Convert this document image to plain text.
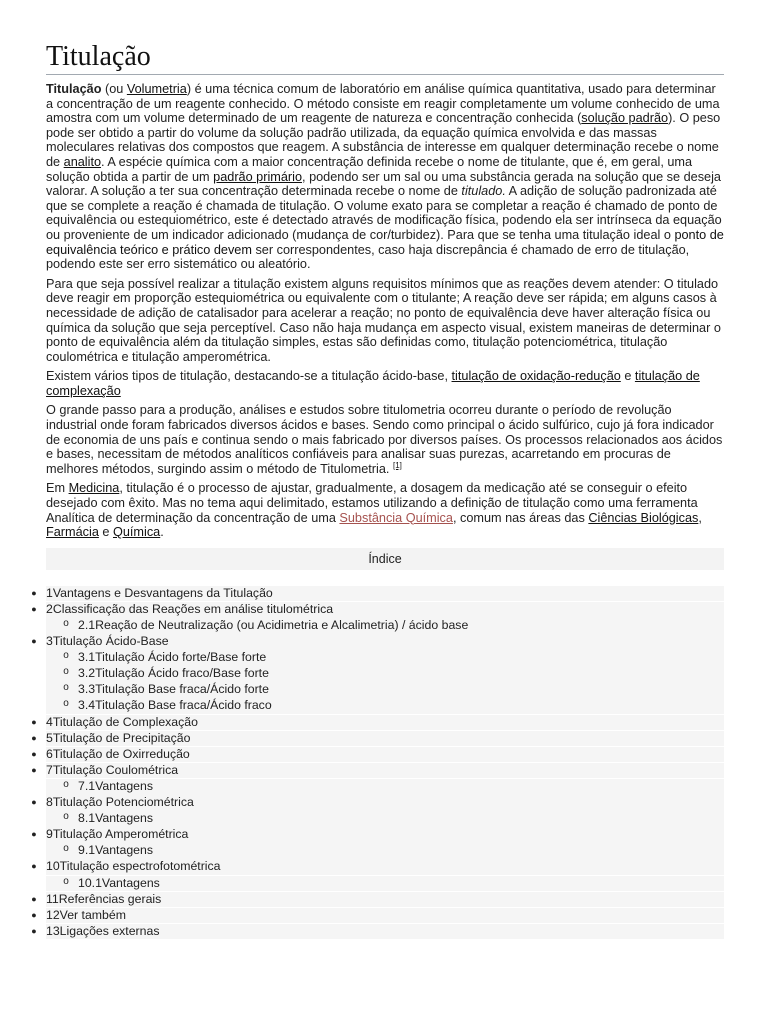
Titulação

Titulação (ou Volumetria) é uma técnica comum de laboratório em análise química quantitativa, usado para determinar a concentração de um reagente conhecido. O método consiste em reagir completamente um volume conhecido de uma amostra com um volume determinado de um reagente de natureza e concentração conhecida (solução padrão). O peso pode ser obtido a partir do volume da solução padrão utilizada, da equação química envolvida e das massas moleculares relativas dos compostos que reagem. A substância de interesse em qualquer determinação recebe o nome de analito. A espécie química com a maior concentração definida recebe o nome de titulante, que é, em geral, uma solução obtida a partir de um padrão primário, podendo ser um sal ou uma substância gerada na solução que se deseja valorar. A solução a ter sua concentração determinada recebe o nome de titulado. A adição de solução padronizada até que se complete a reação é chamada de titulação. O volume exato para se completar a reação é chamado de ponto de equivalência ou estequiométrico, este é detectado através de modificação física, podendo ela ser intrínseca da equação ou proveniente de um indicador adicionado (mudança de cor/turbidez). Para que se tenha uma titulação ideal o ponto de equivalência teórico e prático devem ser correspondentes, caso haja discrepância é chamado de erro de titulação, podendo este ser erro sistemático ou aleatório.

Para que seja possível realizar a titulação existem alguns requisitos mínimos que as reações devem atender: O titulado deve reagir em proporção estequiométrica ou equivalente com o titulante; A reação deve ser rápida; em alguns casos à necessidade de adição de catalisador para acelerar a reação; no ponto de equivalência deve haver alteração física ou química da solução que seja perceptível. Caso não haja mudança em aspecto visual, existem maneiras de determinar o ponto de equivalência além da titulação simples, estas são definidas como, titulação potenciométrica, titulação coulométrica e titulação amperométrica.

Existem vários tipos de titulação, destacando-se a titulação ácido-base, titulação de oxidação-redução e titulação de complexação

O grande passo para a produção, análises e estudos sobre titulometria ocorreu durante o período de revolução industrial onde foram fabricados diversos ácidos e bases. Sendo como principal o ácido sulfúrico, cujo já fora indicador de economia de uns país e continua sendo o mais fabricado por diversos países. Os processos relacionados aos ácidos e bases, necessitam de métodos analíticos confiáveis para analisar suas purezas, acarretando em procuras de melhores métodos, surgindo assim o método de Titulometria. [1]

Em Medicina, titulação é o processo de ajustar, gradualmente, a dosagem da medicação até se conseguir o efeito desejado com êxito. Mas no tema aqui delimitado, estamos utilizando a definição de titulação como uma ferramenta Analítica de determinação da concentração de uma Substância Química, comum nas áreas das Ciências Biológicas, Farmácia e Química.

Índice
● 1Vantagens e Desvantagens da Titulação
● 2Classificação das Reações em análise titulométrica
o 2.1Reação de Neutralização (ou Acidimetria e Alcalimetria) / ácido base
● 3Titulação Ácido-Base
o 3.1Titulação Ácido forte/Base forte
o 3.2Titulação Ácido fraco/Base forte
o 3.3Titulação Base fraca/Ácido forte
o 3.4Titulação Base fraca/Ácido fraco
● 4Titulação de Complexação
● 5Titulação de Precipitação
● 6Titulação de Oxirredução
● 7Titulação Coulométrica
o 7.1Vantagens
● 8Titulação Potenciométrica
o 8.1Vantagens
● 9Titulação Amperométrica
o 9.1Vantagens
● 10Titulação espectrofotométrica
o 10.1Vantagens
● 11Referências gerais
● 12Ver também
● 13Ligações externas
